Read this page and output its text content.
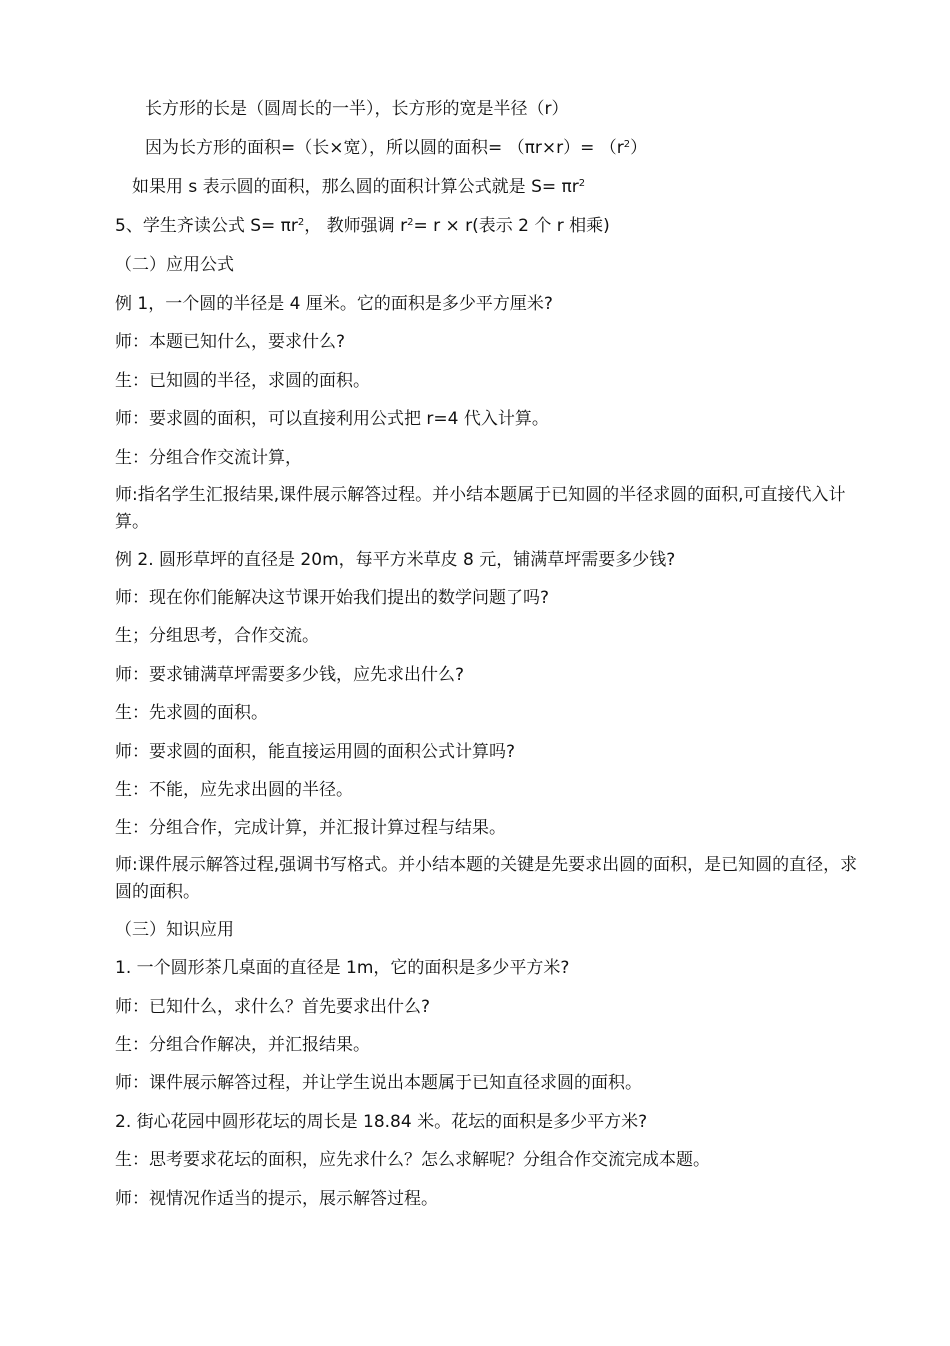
长方形的长是（圆周长的一半），长方形的宽是半径（r）
因为长方形的面积=（长×宽），所以圆的面积= $(\pi r\times r)= (r^2)$
如果用 s 表示圆的面积，那么圆的面积计算公式就是 $S= \pi r^2$
5、学生齐读公式 $S= \pi r^2$， 教师强调 $r^2= r \times r$(表示 2 个 r 相乘)
（二）应用公式
例 1，一个圆的半径是 4 厘米。它的面积是多少平方厘米?
师：本题已知什么，要求什么?
生：已知圆的半径，求圆的面积。
师：要求圆的面积，可以直接利用公式把 r=4 代入计算。
生：分组合作交流计算，
师:指名学生汇报结果,课件展示解答过程。并小结本题属于已知圆的半径求圆的面积,可直接代入计算。
例 2. 圆形草坪的直径是 20m，每平方米草皮 8 元，铺满草坪需要多少钱?
师：现在你们能解决这节课开始我们提出的数学问题了吗?
生；分组思考，合作交流。
师：要求铺满草坪需要多少钱，应先求出什么?
生：先求圆的面积。
师：要求圆的面积，能直接运用圆的面积公式计算吗?
生：不能，应先求出圆的半径。
生：分组合作，完成计算，并汇报计算过程与结果。
师:课件展示解答过程,强调书写格式。并小结本题的关键是先要求出圆的面积，是已知圆的直径，求圆的面积。
（三）知识应用
1. 一个圆形茶几桌面的直径是 1m，它的面积是多少平方米?
师：已知什么，求什么？首先要求出什么?
生：分组合作解决，并汇报结果。
师：课件展示解答过程，并让学生说出本题属于已知直径求圆的面积。
2. 街心花园中圆形花坛的周长是 18.84 米。花坛的面积是多少平方米?
生：思考要求花坛的面积，应先求什么？怎么求解呢？分组合作交流完成本题。
师：视情况作适当的提示，展示解答过程。
